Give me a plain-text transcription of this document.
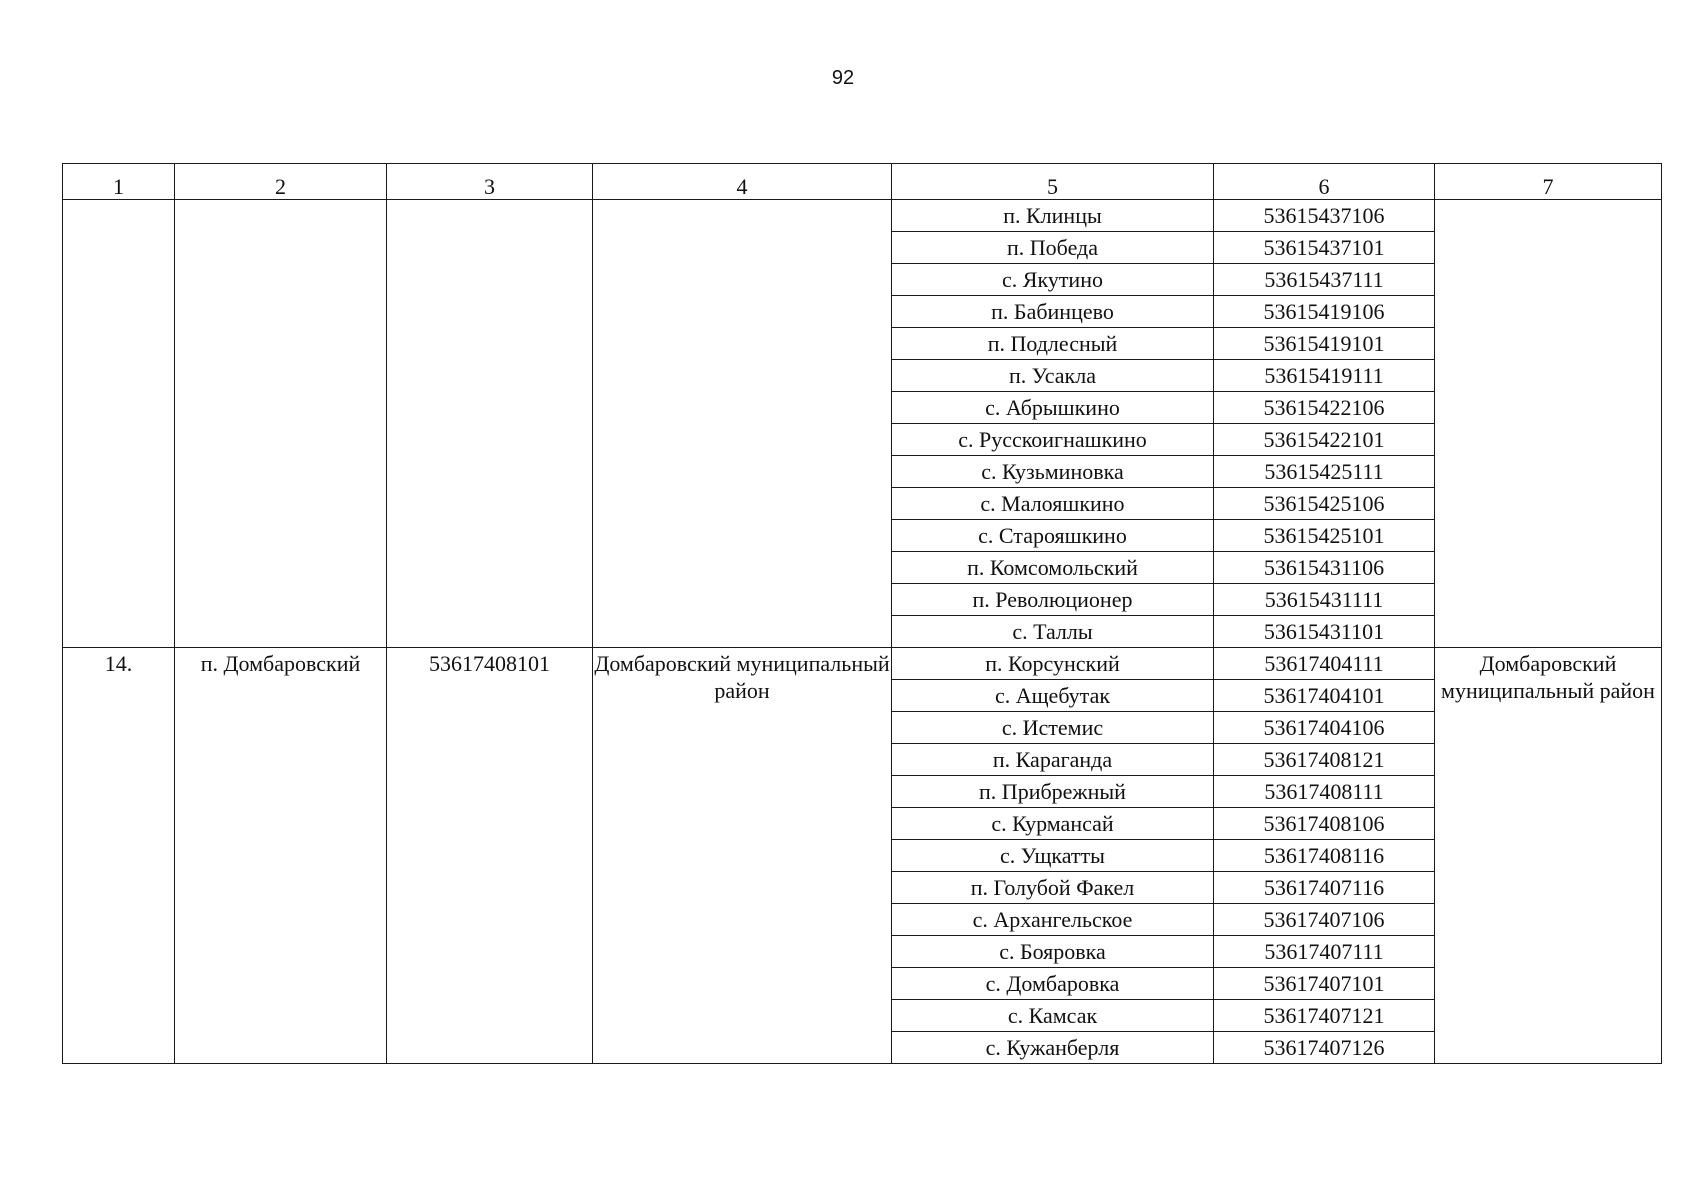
92
1	2	3	4	5	6	7
				п. Клинцы	53615437106	
				п. Победа	53615437101	
				с. Якутино	53615437111	
				п. Бабинцево	53615419106	
				п. Подлесный	53615419101	
				п. Усакла	53615419111	
				с. Абрышкино	53615422106	
				с. Русскоигнашкино	53615422101	
				с. Кузьминовка	53615425111	
				с. Малояшкино	53615425106	
				с. Старояшкино	53615425101	
				п. Комсомольский	53615431106	
				п. Революционер	53615431111	
				с. Таллы	53615431101	
14.	п. Домбаровский	53617408101	Домбаровский муниципальный район	п. Корсунский	53617404111	Домбаровский муниципальный район
				с. Ащебутак	53617404101	
				с. Истемис	53617404106	
				п. Караганда	53617408121	
				п. Прибрежный	53617408111	
				с. Курмансай	53617408106	
				с. Ущкатты	53617408116	
				п. Голубой Факел	53617407116	
				с. Архангельское	53617407106	
				с. Бояровка	53617407111	
				с. Домбаровка	53617407101	
				с. Камсак	53617407121	
				с. Кужанберля	53617407126	
